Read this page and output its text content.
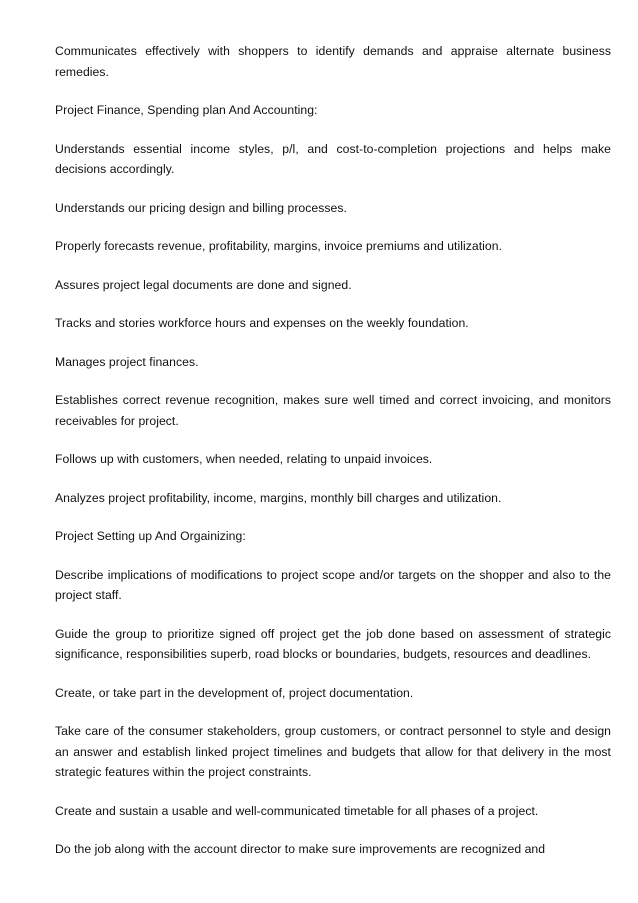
Communicates effectively with shoppers to identify demands and appraise alternate business remedies.

Project Finance, Spending plan And Accounting:

Understands essential income styles, p/l, and cost-to-completion projections and helps make decisions accordingly.

Understands our pricing design and billing processes.

Properly forecasts revenue, profitability, margins, invoice premiums and utilization.

Assures project legal documents are done and signed.

Tracks and stories workforce hours and expenses on the weekly foundation.

Manages project finances.

Establishes correct revenue recognition, makes sure well timed and correct invoicing, and monitors receivables for project.

Follows up with customers, when needed, relating to unpaid invoices.

Analyzes project profitability, income, margins, monthly bill charges and utilization.

Project Setting up And Orgainizing:

Describe implications of modifications to project scope and/or targets on the shopper and also to the project staff.

Guide the group to prioritize signed off project get the job done based on assessment of strategic significance, responsibilities superb, road blocks or boundaries, budgets, resources and deadlines.

Create, or take part in the development of, project documentation.

Take care of the consumer stakeholders, group customers, or contract personnel to style and design an answer and establish linked project timelines and budgets that allow for that delivery in the most strategic features within the project constraints.

Create and sustain a usable and well-communicated timetable for all phases of a project.

Do the job along with the account director to make sure improvements are recognized and
